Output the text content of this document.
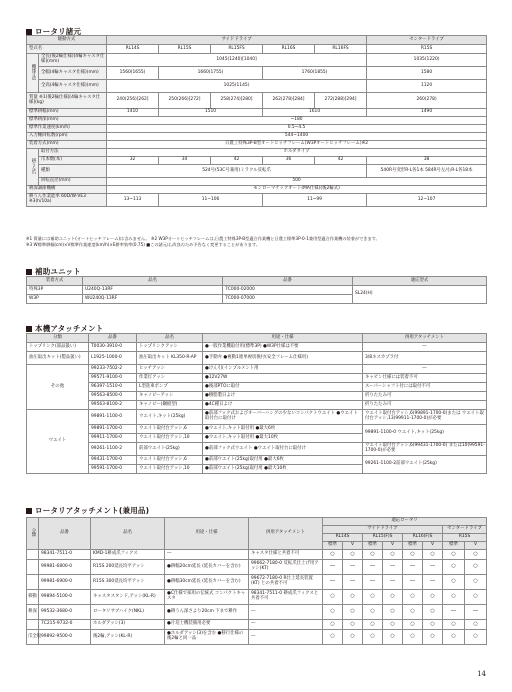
ロータリ諸元
駆動方式		サイドドライブ					センタードライブ
型式名		RL14S	RL15S	RL15FS	RL16S	RL16FS	R15S
機体寸法	全長(後2輪仕様)[4輪キャスタ仕様](mm)	1045(1240)[1040]					1035(1220)
	全幅(4輪キャスタ仕様)(mm)	1560(1655)	1660(1755)		1760(1855)		1580
	全高(4輪キャスタ仕様)(mm)	1025(1145)					1120
質量 ※1(後2輪仕様)[4輪キャスタ仕様](kg)		240(256)[262]	250(266)[272]	258(274)[280]	262(278)[284]	272(288)[294]	260(278)
標準耕幅(mm)		1410	1510		1610		1490
標準耕深(mm)		~180					
標準作業速度(km/h)		0.5~4.5					
入力軸回転数(rpm)		544~1400					
装着方式(mm)		日農工特殊3P-B型オートヒッチフレーム(W3Pオートヒッチフレーム)※2					
耕うん爪	取付方法	ホルダタイプ					
	爪本数(本)	32	34	42	36	42	38
	種類	524号(53C号兼用)ミラクル反転爪					540R号変形R-L各1本 584R号左/右R-L各18本
	回転直径(mm)	500					
耕深調節機構		モンローマチックオート(MA仕様)(後2輪式)					
耕うん作業能率 60D/W·VE3 ※3(h/10a)		13~113	11~106		11~99		12~107
※1 質量には補助ユニット(オートヒッチフレーム)は含みません。 ※2 W3Pオートヒッチフレームは,日農工特殊3P-B型適合作業機と日農工標準3P-0-1兼用型適合作業機の装着ができます。
※3 W標準耕幅(cm)×V標準作業速度(km/h)×E耕率効率(0.75) ■この諸元は,改良のため予告なく変更することがあります。
補助ユニット
装着方式	品名	品番	適応型式
特殊3P	U240Q-13RF	7C000-02000	SL24(H)
W3P	WU240Q-13RF	7C000-07000	
本機アタッチメント
分類	品番	品名	用途・仕様	併用アタッチメント
トップリンク(部品扱い)	T0030-3910-0	トップリンクアッシ	●一般作業機取付用(標準3P) ●W3P仕様は不要	―
油圧取出キット(製品扱い)	L1925-1000-0	油圧取出キット KL350-R-AP	●手動弁 ●複動1連単複切換付(安全フレーム仕様用)	3/8ネスカプラ付
その他	99233-7502-2	ヒッチアッシ	●けん引(インプルメント用	―
	99571-9100-0	作業灯アッシ	●12V27W	キャビン仕様には装着不可
	96397-1510-0	L型洗車ポンプ	●後部PTOに取付	スーパーシャフト付には取付不可
	99563-8500-0	キャノピーアッシ	●樹脂製日よけ	折りたたみ可
	99563-8100-2	キャノピー(鋼板型)	●4C種日よけ	折りたたみ可
ウエイト	99891-1100-0	ウエイト,キット(25kg)	●前部フック式およびオーバーハングの少ないコンパクトウエイト ●ウエイト取付台に取付け	ウエイト取付台アッシ,6(99891-1700-0)または ウエイト取付台アッシ,13(99911-1700-0)が必要
	99891-1700-0	ウエイト取付台アッシ,6	●ウエイト,キット取付用 ●最大6枚	99891-1100-0 ウエイト,キット(25kg)
	99911-1700-0	ウエイト取付台アッシ,10	●ウエイト,キット取付用 ●最大10枚	
	99261-1100-2	前部ウエイト(25kg)	●前部フック式ウエイト ●ウエイト取付台に取付け	ウエイト取付台アッシ,6(99431-1700-0) または10(99591-1700-0)が必要
	99431-1700-0	ウエイト取付台アッシ,6	●前部ウエイト(25kg)取付用 ●最大6枚	99261-1100-2前部ウエイト(25kg)
	99591-1700-0	ウエイト取付台アッシ,10	●前部ウエイト(25kg)取付用 ●最大10枚	
ロータリアタッチメント(兼用品)
分類	品番	品名	用途・仕様	併用アタッチメント	適応ロータリ							
					サイドドライブ						センタードライブ	
					RL14S		RL15(F)S		RL16(F)S		R15S	
					標準	V	標準	V	標準	V	標準	V
	98341-7511-0	KMD-1耕成爪フィクス	―	キャスタ仕様と共着不可	○	○	○	○	○	○	○	○
	99981-6800-0	R15S 200延長均平アッシ	●耕幅20cm延長 (延長カバーを含む)	99662-7180-0 反転爪仕上げ用アッシ(KT)	―	―	―	―	―	―	○	○
	99981-6900-0	R15S 300延長均平アッシ	●耕幅30cm延長 (延長カバーを含む)	99672-7180-0 R仕上延長装置(KT) との共着不可	―	―	―	―	―	―	○	○
移動	99894-5100-0	キャスタスタンド,アッシ(KL-R)	●C仕様で採用の伝統式 コンパクトキャスタ	98341-7511-0 耕成爪フィクスと共着不可	○	○	○	○	○	○	○	○
耕深	99532-3680-0	ロータリサブハイク(NKL)	●耕うん深さより20cm 下まで耕作	―	○	○	○	○	○	○	―	―
	7C215-9732-0	ホルダアッシ(3)	●片培土機装備用必要	―	○	○	○	○	○	○	○	○
爪全般	99892-9500-0	後2輪,アッシ(KL-R)	●ホルダアッシ(3)を含む ●移行仕様の後2輪と同一品	―	○	○	○	○	○	○	○	○
14
